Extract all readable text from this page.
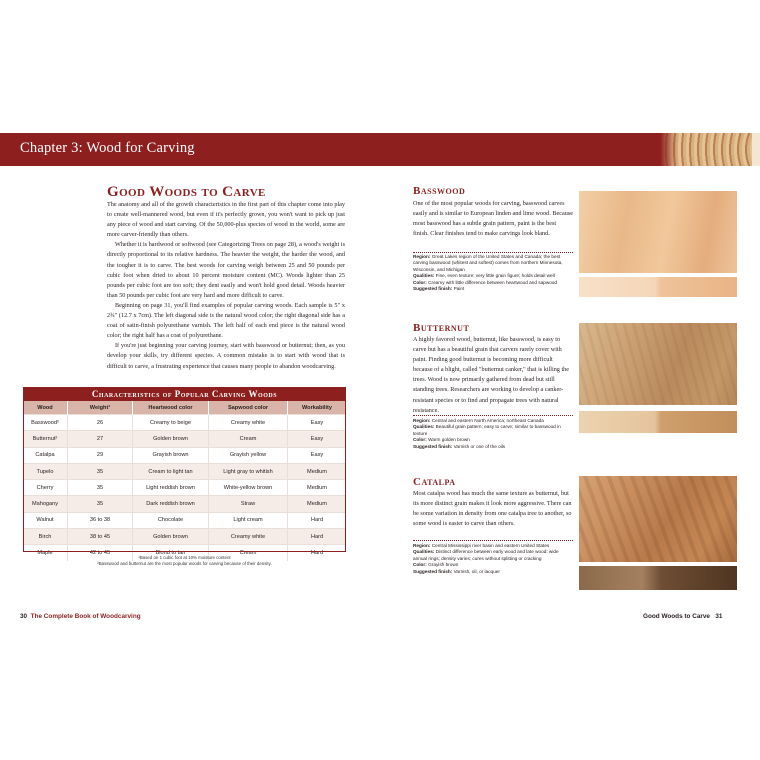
Chapter 3: Wood for Carving
Good Woods to Carve

The anatomy and all of the growth characteristics in the first part of this chapter come into play to create well-mannered wood, but even if it's perfectly grown, you won't want to pick up just any piece of wood and start carving. Of the 50,000-plus species of wood in the world, some are more carver-friendly than others.

Whether it is hardwood or softwood (see Categorizing Trees on page 28), a wood's weight is directly proportional to its relative hardness. The heavier the weight, the harder the wood, and the tougher it is to carve. The best woods for carving weigh between 25 and 50 pounds per cubic foot when dried to about 10 percent moisture content (MC). Woods lighter than 25 pounds per cubic foot are too soft; they dent easily and won't hold good detail. Woods heavier than 50 pounds per cubic foot are very hard and more difficult to carve.

Beginning on page 31, you'll find examples of popular carving woods. Each sample is 5" x 2¾" (12.7 x 7cm). The left diagonal side is the natural wood color; the right diagonal side has a coat of satin-finish polyurethane varnish. The left half of each end piece is the natural wood color; the right half has a coat of polyurethane.

If you're just beginning your carving journey, start with basswood or butternut; then, as you develop your skills, try different species. A common mistake is to start with wood that is difficult to carve, a frustrating experience that causes many people to abandon woodcarving.

Characteristics of Popular Carving Woods
Wood	Weight¹	Heartwood color	Sapwood color	Workability
Basswood²	26	Creamy to beige	Creamy white	Easy
Butternut²	27	Golden brown	Cream	Easy
Catalpa	29	Grayish brown	Grayish yellow	Easy
Tupelo	35	Cream to light tan	Light gray to whitish	Medium
Cherry	35	Light reddish brown	White-yellow brown	Medium
Mahogany	35	Dark reddish brown	Straw	Medium
Walnut	36 to 38	Chocolate	Light cream	Hard
Birch	38 to 45	Golden brown	Creamy white	Hard
Maple	42 to 45	Blond to tan	Cream	Hard
¹Based on 1 cubic foot at 10% moisture content
²Basswood and butternut are the most popular woods for carving because of their density.
Basswood
One of the most popular woods for carving, basswood carves easily and is similar to European linden and lime wood. Because most basswood has a subtle grain pattern, paint is the best finish. Clear finishes tend to make carvings look bland.
Region: Great Lakes region of the United States and Canada; the best carving basswood (whitest and softest) comes from northern Minnesota, Wisconsin, and Michigan
Qualities: Fine, even texture; very little grain figure; holds detail well
Color: Creamy with little difference between heartwood and sapwood
Suggested finish: Paint
Butternut
A highly favored wood, butternut, like basswood, is easy to carve but has a beautiful grain that carvers rarely cover with paint. Finding good butternut is becoming more difficult because of a blight, called "butternut canker," that is killing the trees. Wood is now primarily gathered from dead but still standing trees. Researchers are working to develop a canker-resistant species or to find and propagate trees with natural resistance.
Region: Central and eastern North America; northeast Canada
Qualities: Beautiful grain pattern; easy to carve; similar to basswood in texture
Color: Warm golden brown
Suggested finish: Varnish or one of the oils
Catalpa
Most catalpa wood has much the same texture as butternut, but its more distinct grain makes it look more aggressive. There can be some variation in density from one catalpa tree to another, so some wood is easier to carve than others.
Region: Central Mississippi river basin and eastern United States
Qualities: Distinct difference between early wood and late wood; wide annual rings; density varies; cures without splitting or cracking
Color: Grayish brown
Suggested finish: Varnish, oil, or lacquer
30 The Complete Book of Woodcarving	Good Woods to Carve 31
